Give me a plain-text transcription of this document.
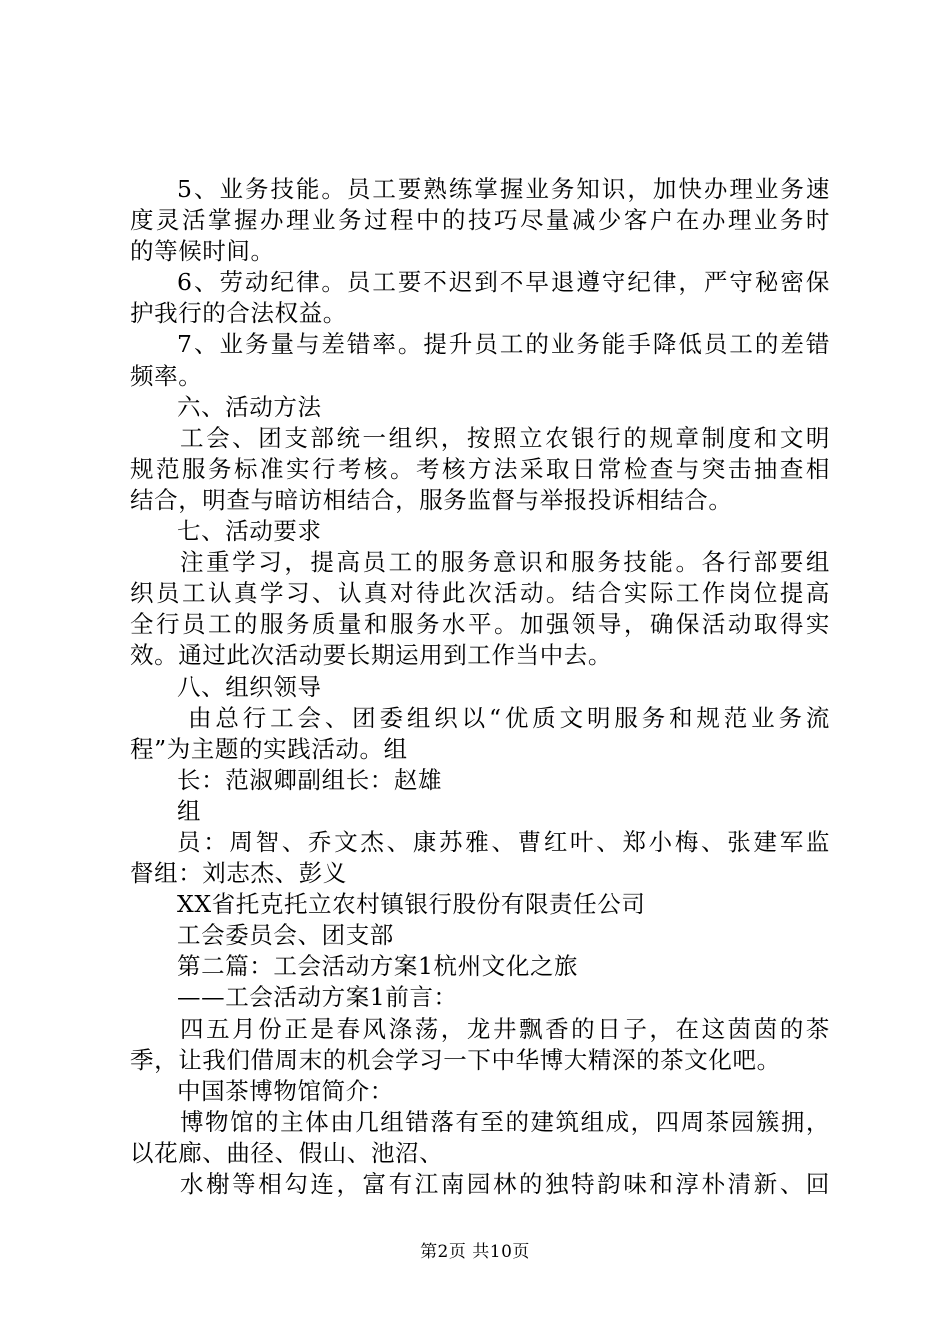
5、业务技能。员工要熟练掌握业务知识，加快办理业务速
度灵活掌握办理业务过程中的技巧尽量减少客户在办理业务时
的等候时间。
6、劳动纪律。员工要不迟到不早退遵守纪律，严守秘密保
护我行的合法权益。
7、业务量与差错率。提升员工的业务能手降低员工的差错
频率。
六、活动方法
工会、团支部统一组织，按照立农银行的规章制度和文明
规范服务标准实行考核。考核方法采取日常检查与突击抽查相
结合，明查与暗访相结合，服务监督与举报投诉相结合。
七、活动要求
注重学习，提高员工的服务意识和服务技能。各行部要组
织员工认真学习、认真对待此次活动。结合实际工作岗位提高
全行员工的服务质量和服务水平。加强领导，确保活动取得实
效。通过此次活动要长期运用到工作当中去。
八、组织领导
由总行工会、团委组织以“优质文明服务和规范业务流
程”为主题的实践活动。组
长：范淑卿副组长：赵雄
组
员：周智、乔文杰、康苏雅、曹红叶、郑小梅、张建军监
督组：刘志杰、彭义
XX省托克托立农村镇银行股份有限责任公司
工会委员会、团支部
第二篇：工会活动方案1杭州文化之旅
——工会活动方案1前言：
四五月份正是春风涤荡，龙井飘香的日子，在这茵茵的茶
季，让我们借周末的机会学习一下中华博大精深的茶文化吧。
中国茶博物馆简介：
博物馆的主体由几组错落有至的建筑组成，四周茶园簇拥，
以花廊、曲径、假山、池沼、
水榭等相勾连，富有江南园林的独特韵味和淳朴清新、回
第2页 共10页
